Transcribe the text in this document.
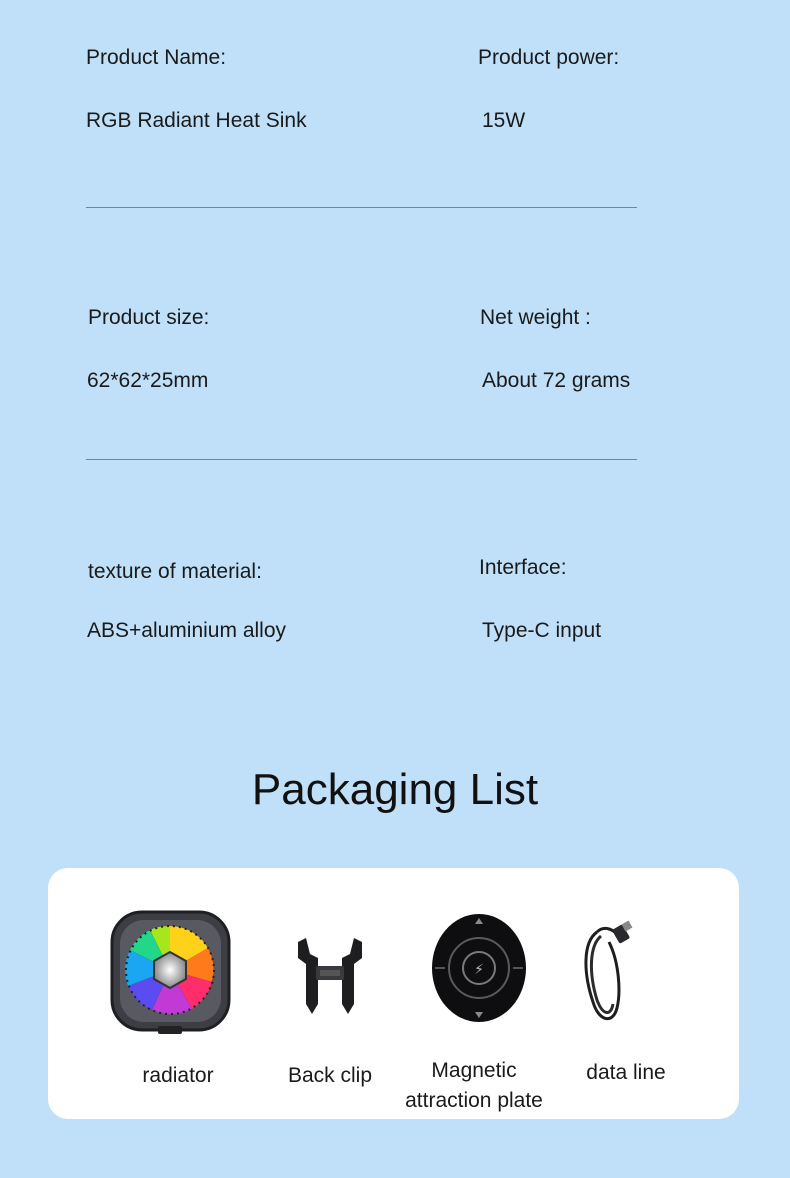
Product Name:	Product power:
RGB Radiant Heat Sink	15W
Product size:	Net weight :
62*62*25mm	About 72 grams
texture of material:	Interface:
ABS+aluminium alloy	Type-C input
Packaging List
⚡
radiator	Back clip	Magnetic
attraction plate
data line
